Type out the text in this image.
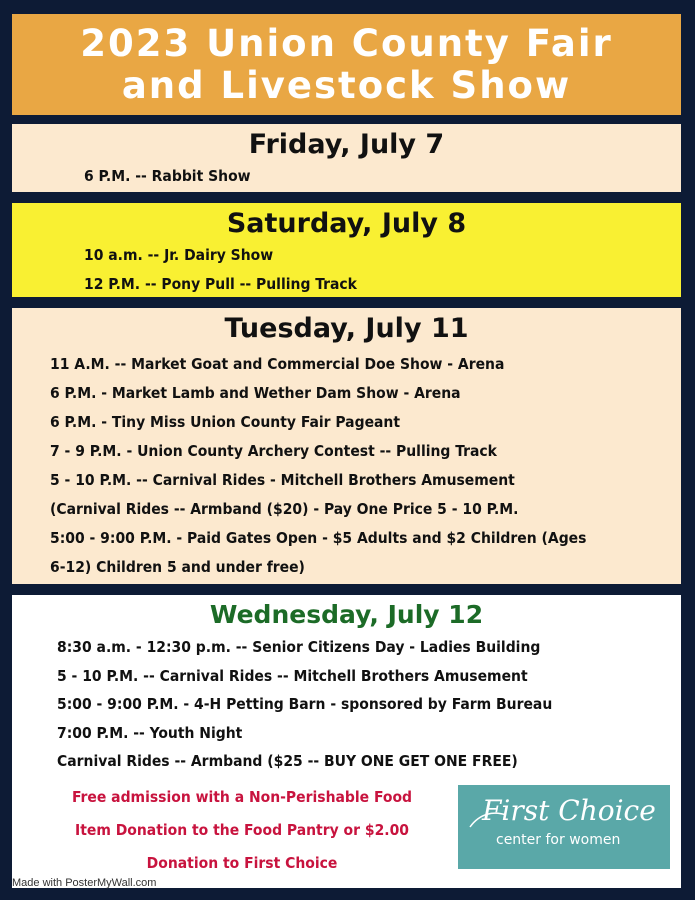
2023 Union County Fair
and Livestock Show
Friday, July 7
6 P.M. -- Rabbit Show
Saturday, July 8
10 a.m. -- Jr. Dairy Show
12 P.M. -- Pony Pull -- Pulling Track
Tuesday, July 11
11 A.M. -- Market Goat and Commercial Doe Show - Arena
6 P.M. - Market Lamb and Wether Dam Show - Arena
6 P.M. - Tiny Miss Union County Fair Pageant
7 - 9 P.M. - Union County Archery Contest -- Pulling Track
5 - 10 P.M. -- Carnival Rides - Mitchell Brothers Amusement
(Carnival Rides -- Armband ($20) - Pay One Price 5 - 10 P.M.
5:00 - 9:00 P.M. - Paid Gates Open - $5 Adults and $2 Children (Ages
6-12) Children 5 and under free)
Wednesday, July 12
8:30 a.m. - 12:30 p.m. -- Senior Citizens Day - Ladies Building
5 - 10 P.M. -- Carnival Rides -- Mitchell Brothers Amusement
5:00 - 9:00 P.M. - 4-H Petting Barn - sponsored by Farm Bureau
7:00 P.M. -- Youth Night
Carnival Rides -- Armband ($25 -- BUY ONE GET ONE FREE)
Free admission with a Non-Perishable Food
Item Donation to the Food Pantry or $2.00
Donation to First Choice
First Choice
center for women
Made with PosterMyWall.com
